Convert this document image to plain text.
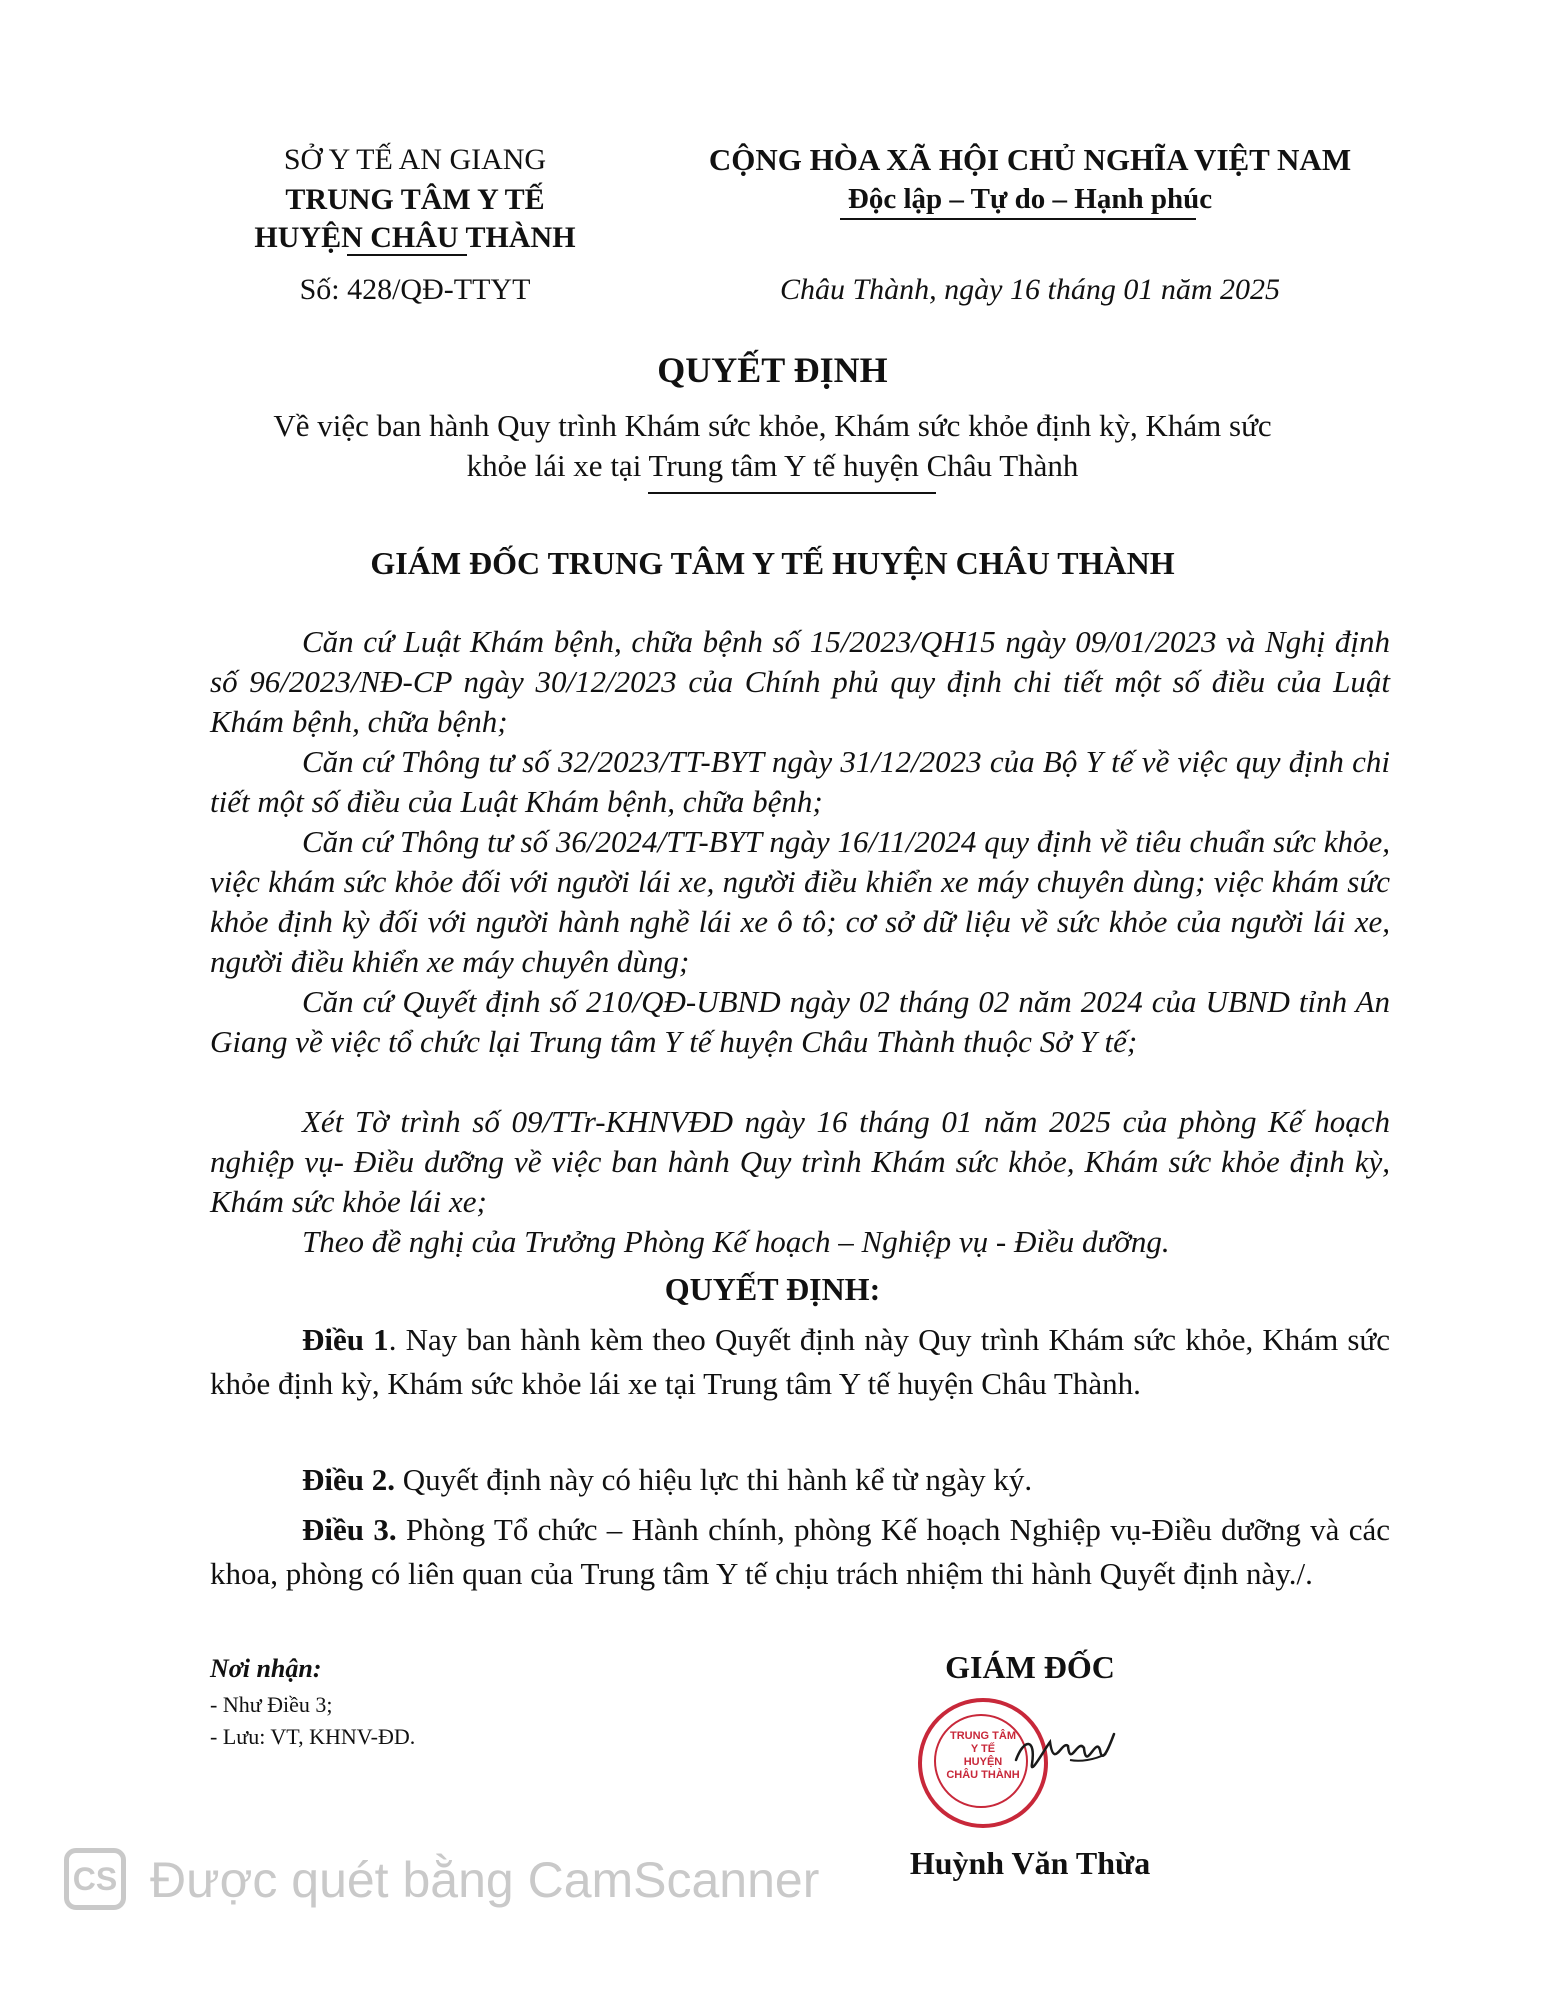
SỞ Y TẾ AN GIANG
TRUNG TÂM Y TẾ
HUYỆN CHÂU THÀNH
Số: 428/QĐ-TTYT
CỘNG HÒA XÃ HỘI CHỦ NGHĨA VIỆT NAM
Độc lập – Tự do – Hạnh phúc
Châu Thành, ngày 16 tháng 01 năm 2025
QUYẾT ĐỊNH
Về việc ban hành Quy trình Khám sức khỏe, Khám sức khỏe định kỳ, Khám sức
khỏe lái xe tại Trung tâm Y tế huyện Châu Thành
GIÁM ĐỐC TRUNG TÂM Y TẾ HUYỆN CHÂU THÀNH
Căn cứ Luật Khám bệnh, chữa bệnh số 15/2023/QH15 ngày 09/01/2023 và Nghị định số 96/2023/NĐ-CP ngày 30/12/2023 của Chính phủ quy định chi tiết một số điều của Luật Khám bệnh, chữa bệnh;
Căn cứ Thông tư số 32/2023/TT-BYT ngày 31/12/2023 của Bộ Y tế về việc quy định chi tiết một số điều của Luật Khám bệnh, chữa bệnh;
Căn cứ Thông tư số 36/2024/TT-BYT ngày 16/11/2024 quy định về tiêu chuẩn sức khỏe, việc khám sức khỏe đối với người lái xe, người điều khiển xe máy chuyên dùng; việc khám sức khỏe định kỳ đối với người hành nghề lái xe ô tô; cơ sở dữ liệu về sức khỏe của người lái xe, người điều khiển xe máy chuyên dùng;
Căn cứ Quyết định số 210/QĐ-UBND ngày 02 tháng 02 năm 2024 của UBND tỉnh An Giang về việc tổ chức lại Trung tâm Y tế huyện Châu Thành thuộc Sở Y tế;
Xét Tờ trình số 09/TTr-KHNVĐD ngày 16 tháng 01 năm 2025 của phòng Kế hoạch nghiệp vụ- Điều dưỡng về việc ban hành Quy trình Khám sức khỏe, Khám sức khỏe định kỳ, Khám sức khỏe lái xe;
Theo đề nghị của Trưởng Phòng Kế hoạch – Nghiệp vụ - Điều dưỡng.
QUYẾT ĐỊNH:
Điều 1. Nay ban hành kèm theo Quyết định này Quy trình Khám sức khỏe, Khám sức khỏe định kỳ, Khám sức khỏe lái xe tại Trung tâm Y tế huyện Châu Thành.
Điều 2. Quyết định này có hiệu lực thi hành kể từ ngày ký.
Điều 3. Phòng Tổ chức – Hành chính, phòng Kế hoạch Nghiệp vụ-Điều dưỡng và các khoa, phòng có liên quan của Trung tâm Y tế chịu trách nhiệm thi hành Quyết định này./.
Nơi nhận:
- Như Điều 3;
- Lưu: VT, KHNV-ĐD.
GIÁM ĐỐC
TRUNG TÂM
Y TẾ
HUYỆN
CHÂU THÀNH
Huỳnh Văn Thừa
CS Được quét bằng CamScanner
